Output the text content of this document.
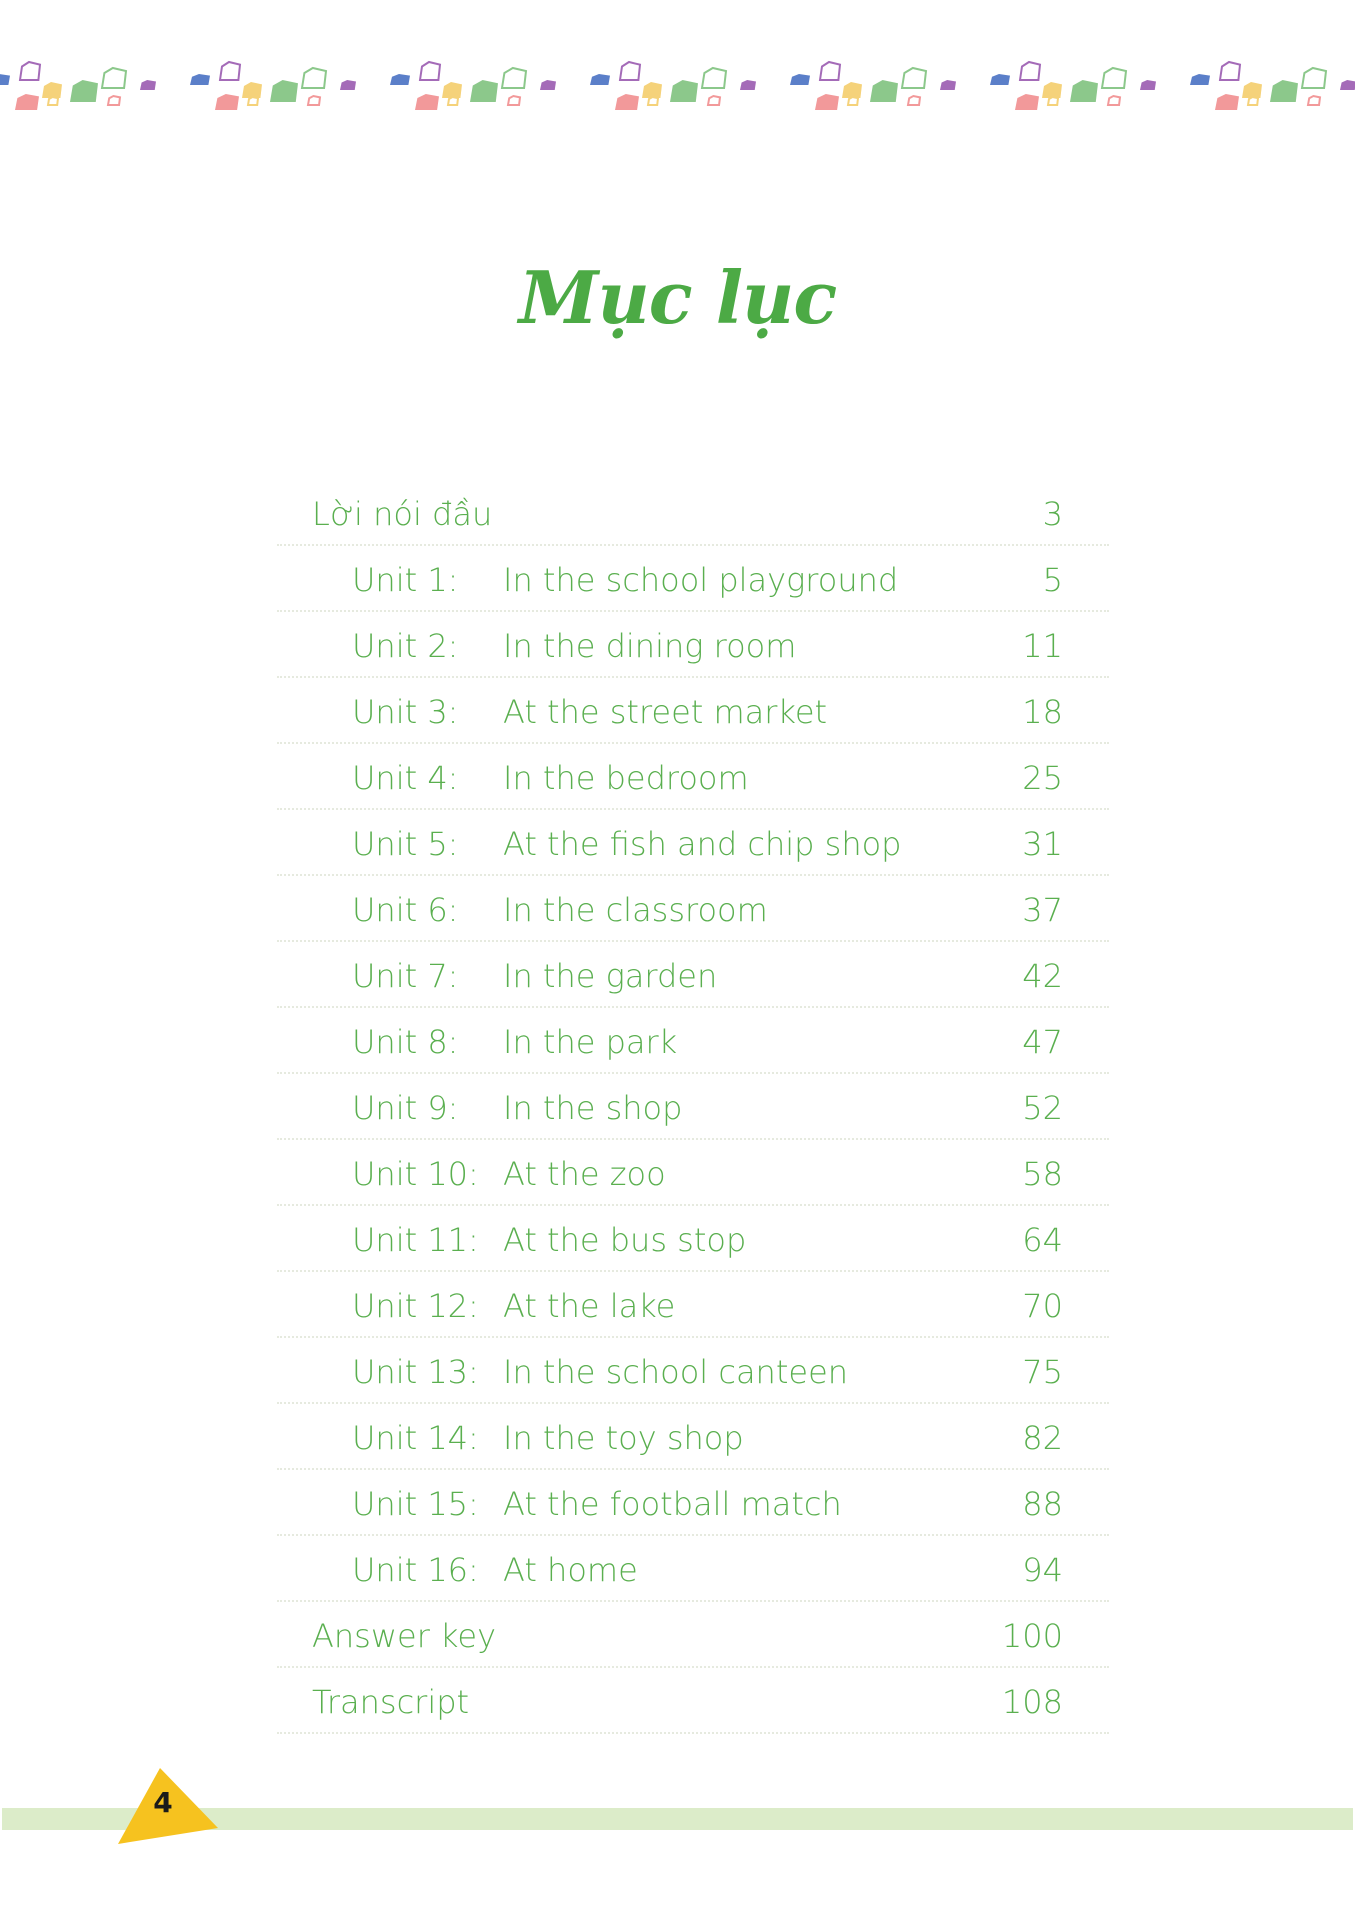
Mục lục
Lời nói đầu	3
Unit 1: In the school playground	5
Unit 2: In the dining room	11
Unit 3: At the street market	18
Unit 4: In the bedroom	25
Unit 5: At the fish and chip shop	31
Unit 6: In the classroom	37
Unit 7: In the garden	42
Unit 8: In the park	47
Unit 9: In the shop	52
Unit 10: At the zoo	58
Unit 11: At the bus stop	64
Unit 12: At the lake	70
Unit 13: In the school canteen	75
Unit 14: In the toy shop	82
Unit 15: At the football match	88
Unit 16: At home	94
Answer key	100
Transcript	108
4
